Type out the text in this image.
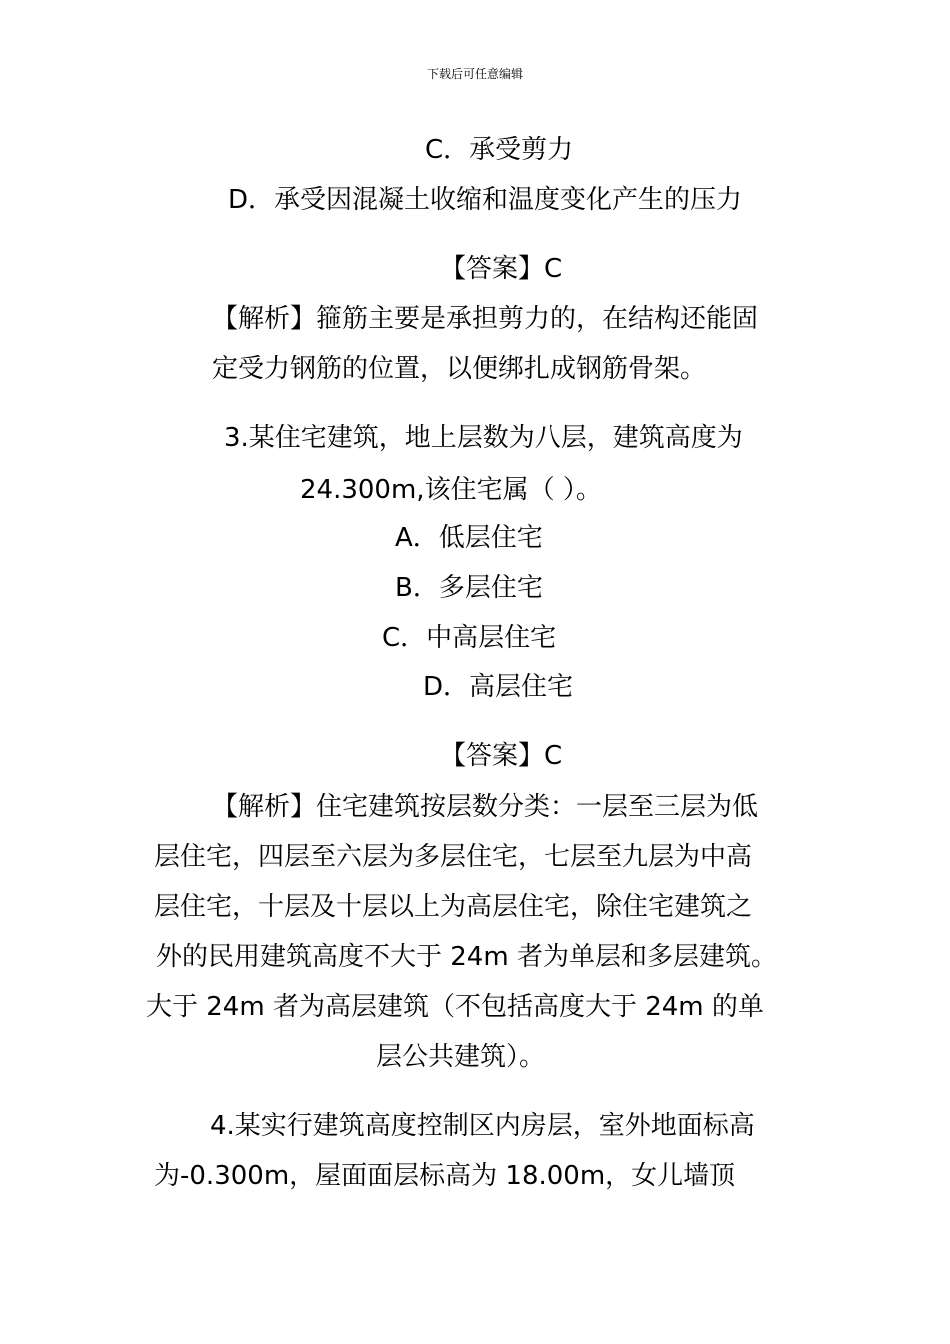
下载后可任意编辑
C．承受剪力
D．承受因混凝土收缩和温度变化产生的压力
【答案】C
【解析】箍筋主要是承担剪力的，在结构还能固
定受力钢筋的位置，以便绑扎成钢筋骨架。
3.某住宅建筑，地上层数为八层，建筑高度为
24.300m,该住宅属（ ）。
A．低层住宅
B．多层住宅
C．中高层住宅
D．高层住宅
【答案】C
【解析】住宅建筑按层数分类：一层至三层为低
层住宅，四层至六层为多层住宅，七层至九层为中高
层住宅，十层及十层以上为高层住宅，除住宅建筑之
外的民用建筑高度不大于 24m 者为单层和多层建筑。
大于 24m 者为高层建筑（不包括高度大于 24m 的单
层公共建筑）。
4.某实行建筑高度控制区内房层，室外地面标高
为-0.300m，屋面面层标高为 18.00m，女儿墙顶
